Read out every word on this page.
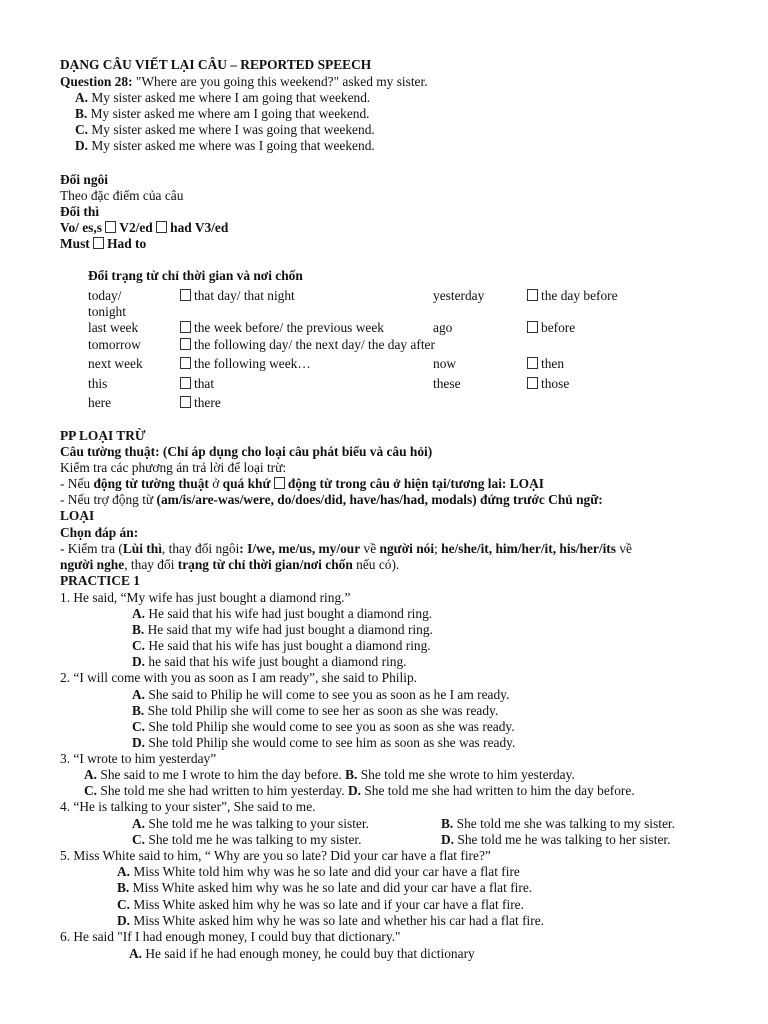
DẠNG CÂU VIẾT LẠI CÂU – REPORTED SPEECH
Question 28: "Where are you going this weekend?" asked my sister.
A. My sister asked me where I am going that weekend.
B. My sister asked me where am I going that weekend.
C. My sister asked me where I was going that weekend.
D. My sister asked me where was I going that weekend.
Đổi ngôi
Theo đặc điểm của câu
Đổi thì
Vo/ es,s V2/ed had V3/ed
Must Had to
Đổi trạng từ chỉ thời gian và nơi chốn
today/	that day/ that night	yesterday	the day before
tonight
last week	the week before/ the previous week	ago	before
tomorrow	the following day/ the next day/ the day after
next week	the following week…	now	then
this	that	these	those
here	there
PP LOẠI TRỪ
Câu tường thuật: (Chỉ áp dụng cho loại câu phát biểu và câu hỏi)
Kiểm tra các phương án trả lời để loại trừ:
- Nếu động từ tường thuật ở quá khứ động từ trong câu ở hiện tại/tương lai: LOẠI
- Nếu trợ động từ (am/is/are-was/were, do/does/did, have/has/had, modals) đứng trước Chủ ngữ:
LOẠI
Chọn đáp án:
- Kiểm tra (Lùi thì, thay đổi ngôi: I/we, me/us, my/our về người nói; he/she/it, him/her/it, his/her/its về
người nghe, thay đổi trạng từ chỉ thời gian/nơi chốn nếu có).
PRACTICE 1
1. He said, “My wife has just bought a diamond ring.”
A. He said that his wife had just bought a diamond ring.
B. He said that my wife had just bought a diamond ring.
C. He said that his wife has just bought a diamond ring.
D. he said that his wife just bought a diamond ring.
2. “I will come with you as soon as I am ready”, she said to Philip.
A. She said to Philip he will come to see you as soon as he I am ready.
B. She told Philip she will come to see her as soon as she was ready.
C. She told Philip she would come to see you as soon as she was ready.
D. She told Philip she would come to see him as soon as she was ready.
3. “I wrote to him yesterday”
A. She said to me I wrote to him the day before. B. She told me she wrote to him yesterday.
C. She told me she had written to him yesterday. D. She told me she had written to him the day before.
4. “He is talking to your sister”, She said to me.
A. She told me he was talking to your sister.	B. She told me she was talking to my sister.
C. She told me he was talking to my sister.	D. She told me he was talking to her sister.
5. Miss White said to him, “ Why are you so late? Did your car have a flat fire?”
A. Miss White told him why was he so late and did your car have a flat fire
B. Miss White asked him why was he so late and did your car have a flat fire.
C. Miss White asked him why he was so late and if your car have a flat fire.
D. Miss White asked him why he was so late and whether his car had a flat fire.
6. He said "If I had enough money, I could buy that dictionary."
A. He said if he had enough money, he could buy that dictionary
